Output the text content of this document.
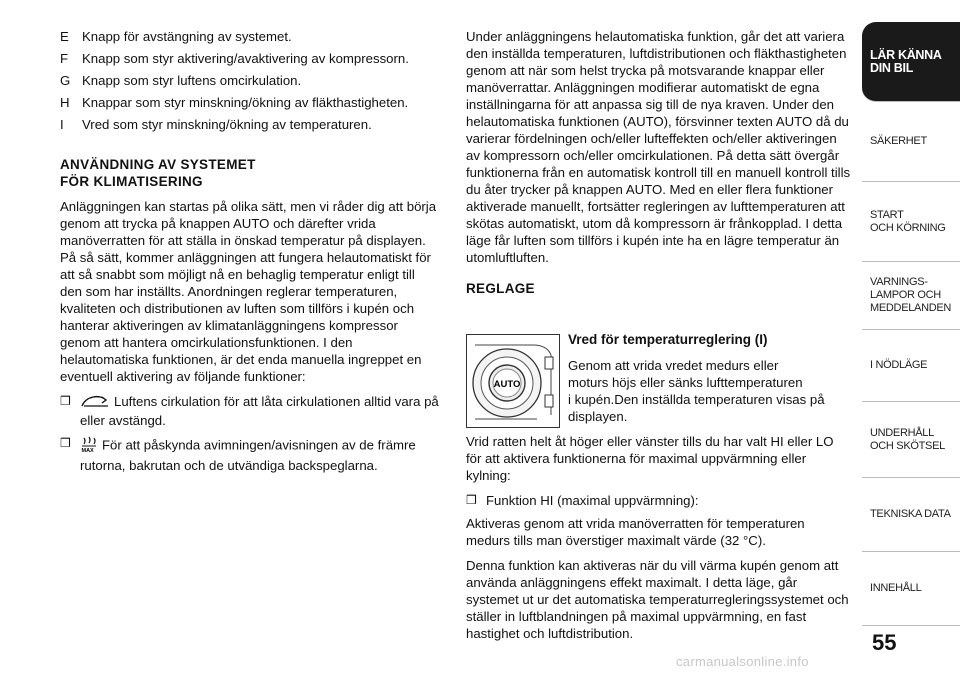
E	Knapp för avstängning av systemet.
F	Knapp som styr aktivering/avaktivering av kompressorn.
G Knapp som styr luftens omcirkulation.
H Knappar som styr minskning/ökning av fläkthastigheten.
I	Vred som styr minskning/ökning av temperaturen.

ANVÄNDNING AV SYSTEMET

FÖR KLIMATISERING

Anläggningen kan startas på olika sätt, men vi råder dig att börja genom att trycka på knappen AUTO och därefter vrida manöverratten för att ställa in önskad temperatur på displayen. På så sätt, kommer anläggningen att fungera helautomatiskt för att så snabbt som möjligt nå en behaglig temperatur enligt till den som har inställts. Anordningen reglerar temperaturen, kvaliteten och distributionen av luften som tillförs i kupén och hanterar aktiveringen av klimatanläggningens kompressor genom att hantera omcirkulationsfunktionen. I den helautomatiska funktionen, är det enda manuella ingreppet en eventuell aktivering av följande funktioner:

❒	Luftens cirkulation för att låta cirkulationen alltid vara på eller avstängd.
❒
MAX För att påskynda avimningen/avisningen av de främre rutorna, bakrutan och de utvändiga backspeglarna.

Under anläggningens helautomatiska funktion, går det att variera den inställda temperaturen, luftdistributionen och fläkthastigheten genom att när som helst trycka på motsvarande knappar eller manöverrattar. Anläggningen modifierar automatiskt de egna inställningarna för att anpassa sig till de nya kraven. Under den helautomatiska funktionen (AUTO), försvinner texten AUTO då du varierar fördelningen och/eller lufteffekten och/eller aktiveringen av kompressorn och/eller omcirkulationen. På detta sätt övergår funktionerna från en automatisk kontroll till en manuell kontroll tills du åter trycker på knappen AUTO. Med en eller flera funktioner aktiverade manuellt, fortsätter regleringen av lufttemperaturen att skötas automatiskt, utom då kompressorn är frånkopplad. I detta läge får luften som tillförs i kupén inte ha en lägre temperatur än utomluftluften.

REGLAGE

AUTO
Vred för temperaturreglering (I)
Genom att vrida vredet medurs eller
moturs höjs eller sänks lufttemperaturen
i kupén.Den inställda temperaturen visas på displayen.

Vrid ratten helt åt höger eller vänster tills du har valt HI eller LO för att aktivera funktionerna för maximal uppvärmning eller kylning:

❒ Funktion HI (maximal uppvärmning):

Aktiveras genom att vrida manöverratten för temperaturen medurs tills man överstiger maximalt värde (32 °C).

Denna funktion kan aktiveras när du vill värma kupén genom att använda anläggningens effekt maximalt. I detta läge, går systemet ut ur det automatiska temperaturregleringssystemet och ställer in luftblandningen på maximal uppvärmning, en fast hastighet och luftdistribution.

LÄR KÄNNA
DIN BIL
SÄKERHET
START
OCH KÖRNING
VARNINGS-
LAMPOR OCH
MEDDELANDEN
I NÖDLÄGE
UNDERHÅLL
OCH SKÖTSEL
TEKNISKA DATA
INNEHÅLL
55
carmanualsonline.info
